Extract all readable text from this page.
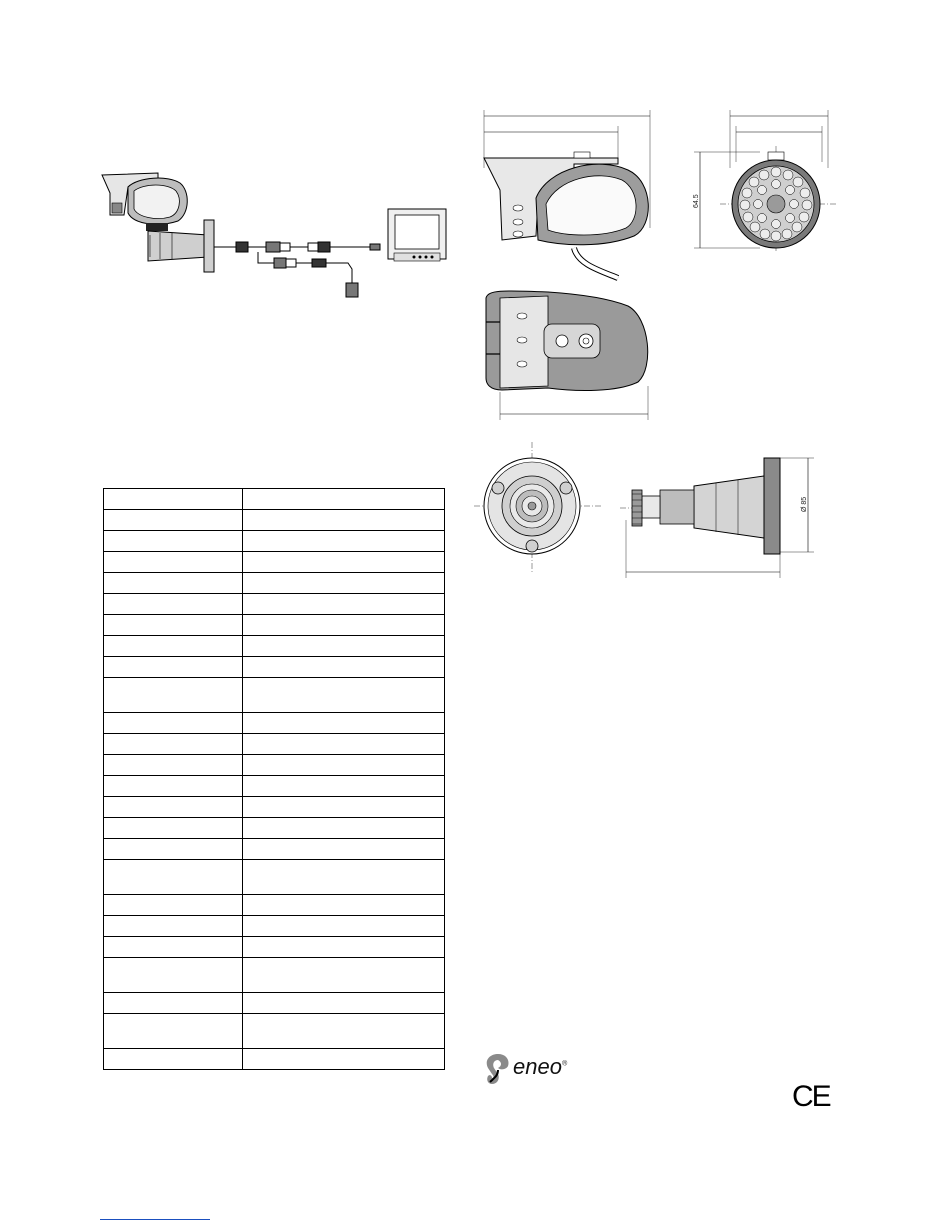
64.5
Ø 85

eneo®
CE
